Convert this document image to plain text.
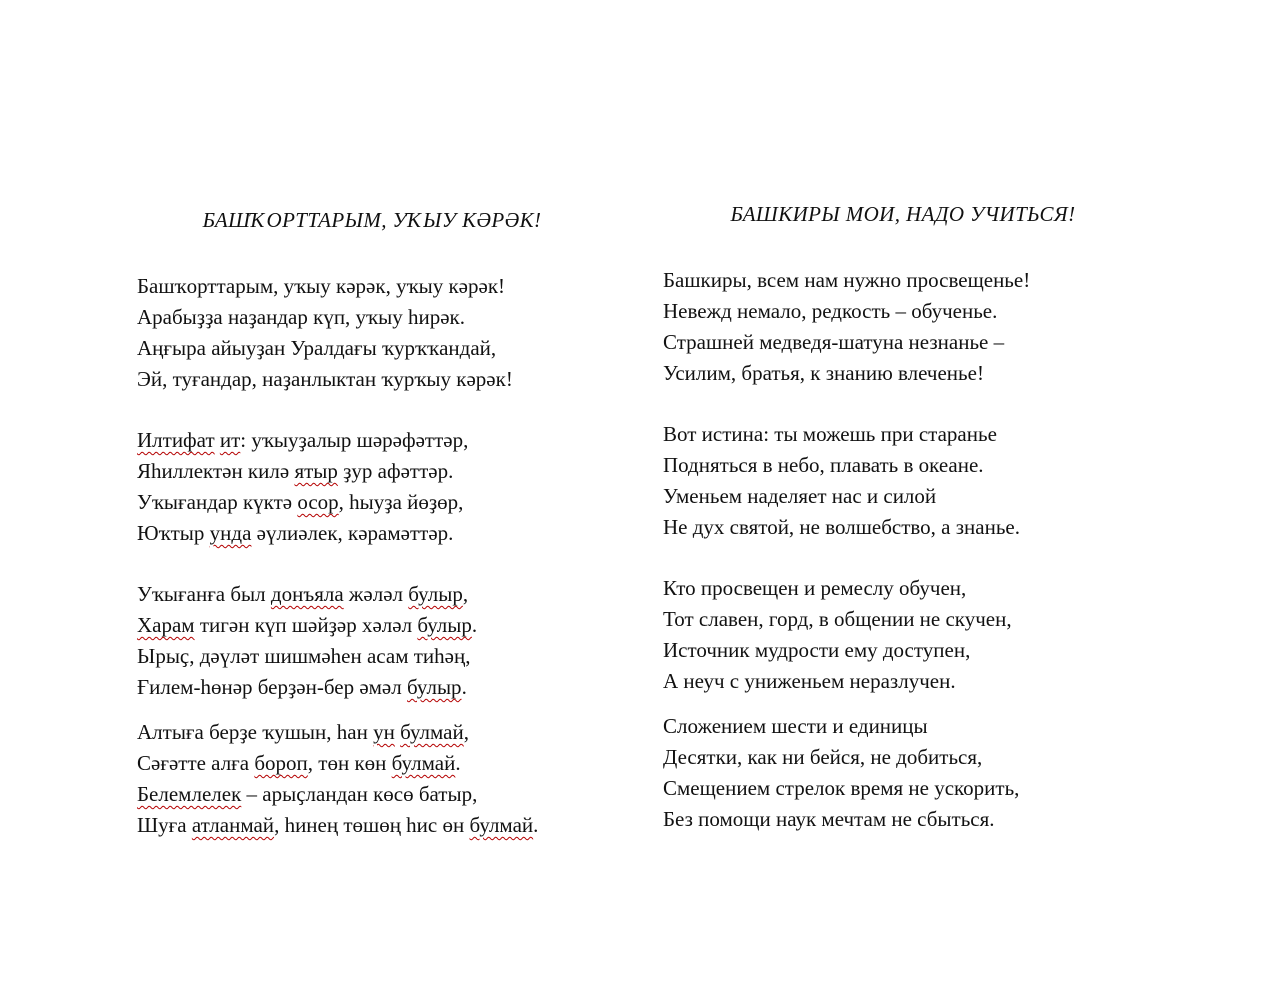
БАШҠОРТТАРЫМ, УҠЫУ КӘРӘК!
Башҡорттарым, уҡыу кәрәк, уҡыу кәрәк!
Арабыҙҙа наҙандар күп, уҡыу һирәк.
Аңғыра айыуҙан Уралдағы ҡурҡҡандай,
Эй, туғандар, наҙанлыктан ҡурҡыу кәрәк!
Илтифат ит: уҡыуҙалыр шәрәфәттәр,
Яһиллектән килә ятыр ҙур афәттәр.
Уҡығандар күктә осор, һыуҙа йөҙөр,
Юҡтыр унда әүлиәлек, кәрамәттәр.
Уҡығанға был донъяла жәләл булыр,
Харам тигән күп шәйҙәр хәләл булыр.
Ырыҫ, дәүләт шишмәһен асам тиһәң,
Ғилем-һөнәр берҙән-бер әмәл булыр.
Алтыға берҙе ҡушын, һан ун булмай,
Сәғәтте алға бороп, төн көн булмай.
Белемлелек – арыҫландан көсө батыр,
Шуға атланмай, һинең төшөң һис өн булмай.
БАШКИРЫ МОИ, НАДО УЧИТЬСЯ!
Башкиры, всем нам нужно просвещенье!
Невежд немало, редкость – обученье.
Страшней медведя-шатуна незнанье –
Усилим, братья, к знанию влеченье!
Вот истина: ты можешь при старанье
Подняться в небо, плавать в океане.
Уменьем наделяет нас и силой
Не дух святой, не волшебство, а знанье.
Кто просвещен и ремеслу обучен,
Тот славен, горд, в общении не скучен,
Источник мудрости ему доступен,
А неуч с униженьем неразлучен.
Сложением шести и единицы
Десятки, как ни бейся, не добиться,
Смещением стрелок время не ускорить,
Без помощи наук мечтам не сбыться.
